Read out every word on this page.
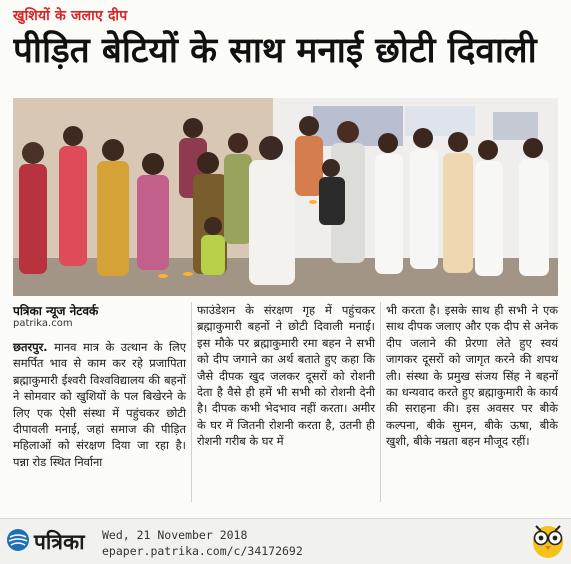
खुशियों के जलाए दीप
पीड़ित बेटियों के साथ मनाई छोटी दिवाली
पत्रिका न्यूज नेटवर्क
patrika.com
छतरपुर. मानव मात्र के उत्थान के लिए समर्पित भाव से काम कर रहे प्रजापिता ब्रह्माकुमारी ईश्वरी विश्वविद्यालय की बहनों ने सोमवार को खुशियों के पल बिखेरने के लिए एक ऐसी संस्था में पहुंचकर छोटी दीपावली मनाई, जहां समाज की पीड़ित महिलाओं को संरक्षण दिया जा रहा है। पन्ना रोड स्थित निर्वाना
फाउंडेशन के संरक्षण गृह में पहुंचकर ब्रह्माकुमारी बहनों ने छोटी दिवाली मनाई। इस मौके पर ब्रह्माकुमारी रमा बहन ने सभी को दीप जगाने का अर्थ बताते हुए कहा कि जैसे दीपक खुद जलकर दूसरों को रोशनी देता है वैसे ही हमें भी सभी को रोशनी देनी है। दीपक कभी भेदभाव नहीं करता। अमीर के घर में जितनी रोशनी करता है, उतनी ही रोशनी गरीब के घर में
भी करता है। इसके साथ ही सभी ने एक साथ दीपक जलाए और एक दीप से अनेक दीप जलाने की प्रेरणा लेते हुए स्वयं जागकर दूसरों को जागृत करने की शपथ ली। संस्था के प्रमुख संजय सिंह ने बहनों का धन्यवाद करते हुए ब्रह्माकुमारी के कार्य की सराहना की। इस अवसर पर बीके कल्पना, बीके सुमन, बीके ऊषा, बीके खुशी, बीके नम्रता बहन मौजूद रहीं।
पत्रिका Wed, 21 November 2018
epaper.patrika.com/c/34172692
